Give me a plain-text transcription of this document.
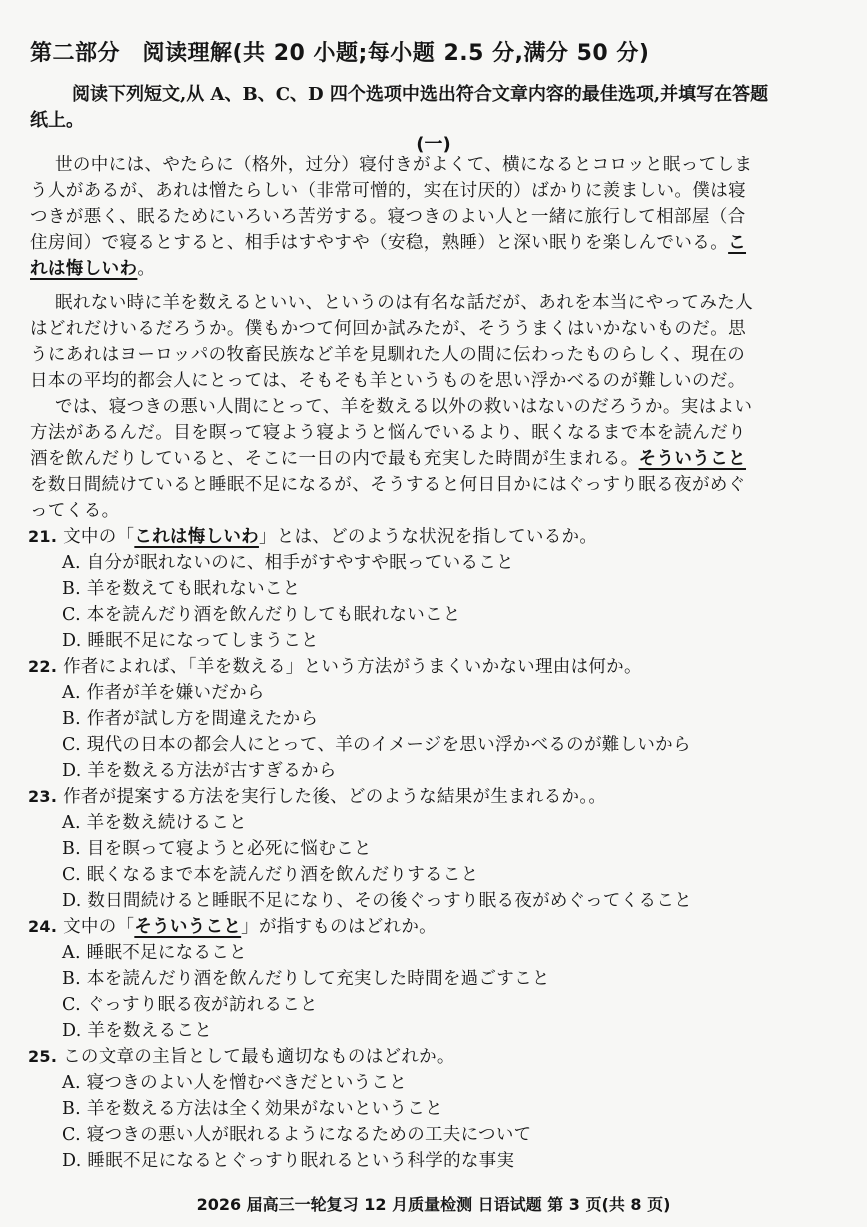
第二部分　阅读理解(共 20 小题;每小题 2.5 分,满分 50 分)
阅读下列短文,从 A、B、C、D 四个选项中选出符合文章内容的最佳选项,并填写在答题
纸上。
(一)
世の中には、やたらに（格外，过分）寝付きがよくて、横になるとコロッと眠ってしま
う人があるが、あれは憎たらしい（非常可憎的，实在讨厌的）ばかりに羨ましい。僕は寝
つきが悪く、眠るためにいろいろ苦労する。寝つきのよい人と一緒に旅行して相部屋（合
住房间）で寝るとすると、相手はすやすや（安稳，熟睡）と深い眠りを楽しんでいる。こ
れは悔しいわ。
眠れない時に羊を数えるといい、というのは有名な話だが、あれを本当にやってみた人
はどれだけいるだろうか。僕もかつて何回か試みたが、そううまくはいかないものだ。思
うにあれはヨーロッパの牧畜民族など羊を見馴れた人の間に伝わったものらしく、現在の
日本の平均的都会人にとっては、そもそも羊というものを思い浮かべるのが難しいのだ。
では、寝つきの悪い人間にとって、羊を数える以外の救いはないのだろうか。実はよい
方法があるんだ。目を瞑って寝よう寝ようと悩んでいるより、眠くなるまで本を読んだり
酒を飲んだりしていると、そこに一日の内で最も充実した時間が生まれる。そういうこと
を数日間続けていると睡眠不足になるが、そうすると何日目かにはぐっすり眠る夜がめぐ
ってくる。
21. 文中の「これは悔しいわ」とは、どのような状況を指しているか。
A. 自分が眠れないのに、相手がすやすや眠っていること
B. 羊を数えても眠れないこと
C. 本を読んだり酒を飲んだりしても眠れないこと
D. 睡眠不足になってしまうこと
22. 作者によれば、「羊を数える」という方法がうまくいかない理由は何か。
A. 作者が羊を嫌いだから
B. 作者が試し方を間違えたから
C. 現代の日本の都会人にとって、羊のイメージを思い浮かべるのが難しいから
D. 羊を数える方法が古すぎるから
23. 作者が提案する方法を実行した後、どのような結果が生まれるか。。
A. 羊を数え続けること
B. 目を瞑って寝ようと必死に悩むこと
C. 眠くなるまで本を読んだり酒を飲んだりすること
D. 数日間続けると睡眠不足になり、その後ぐっすり眠る夜がめぐってくること
24. 文中の「そういうこと」が指すものはどれか。
A. 睡眠不足になること
B. 本を読んだり酒を飲んだりして充実した時間を過ごすこと
C. ぐっすり眠る夜が訪れること
D. 羊を数えること
25. この文章の主旨として最も適切なものはどれか。
A. 寝つきのよい人を憎むべきだということ
B. 羊を数える方法は全く効果がないということ
C. 寝つきの悪い人が眠れるようになるための工夫について
D. 睡眠不足になるとぐっすり眠れるという科学的な事実
2026 届高三一轮复习 12 月质量检测 日语试题 第 3 页(共 8 页)
